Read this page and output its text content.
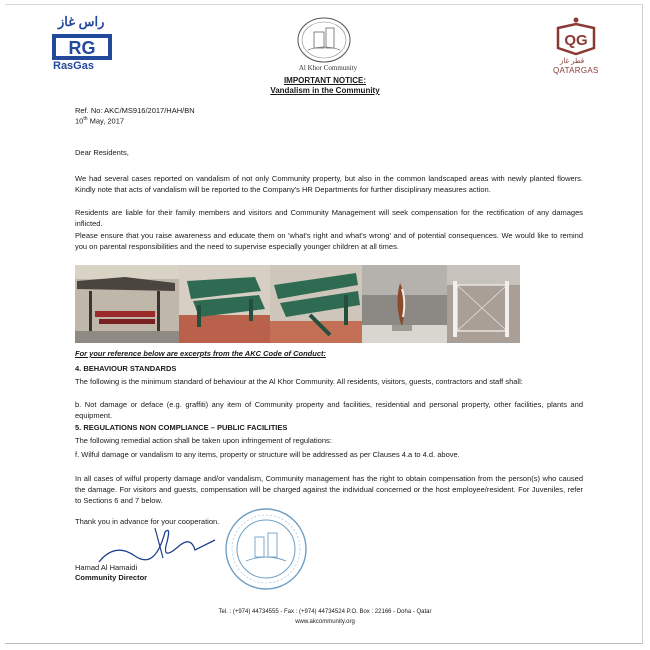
راس غاز
RG
RasGas	Al Khor Community
QG
قطر غاز
QATARGAS
IMPORTANT NOTICE:
Vandalism in the Community
Ref. No: AKC/MS916/2017/HAH/BN
10th May, 2017
Dear Residents,
We had several cases reported on vandalism of not only Community property, but also in the common landscaped areas with newly planted flowers. Kindly note that acts of vandalism will be reported to the Company's HR Departments for further disciplinary measures action.
Residents are liable for their family members and visitors and Community Management will seek compensation for the rectification of any damages inflicted.
Please ensure that you raise awareness and educate them on 'what's right and what's wrong' and of potential consequences. We would like to remind you on parental responsibilities and the need to supervise especially younger children at all times.
For your reference below are excerpts from the AKC Code of Conduct:
4. BEHAVIOUR STANDARDS
The following is the minimum standard of behaviour at the Al Khor Community. All residents, visitors, guests, contractors and staff shall:
b. Not damage or deface (e.g. graffiti) any item of Community property and facilities, residential and personal property, other facilities, plants and equipment.
5. REGULATIONS NON COMPLIANCE – PUBLIC FACILITIES
The following remedial action shall be taken upon infringement of regulations:
f. Wilful damage or vandalism to any items, property or structure will be addressed as per Clauses 4.a to 4.d. above.
In all cases of wilful property damage and/or vandalism, Community management has the right to obtain compensation from the person(s) who caused the damage. For visitors and guests, compensation will be charged against the individual concerned or the host employee/resident. For Juveniles, refer to Sections 6 and 7 below.
Thank you in advance for your cooperation.
Hamad Al Hamaidi
Community Director
Tel. : (+974) 44734555 - Fax : (+974) 44734524 P.O. Box : 22166 - Doha - Qatar
www.akcommunity.org
